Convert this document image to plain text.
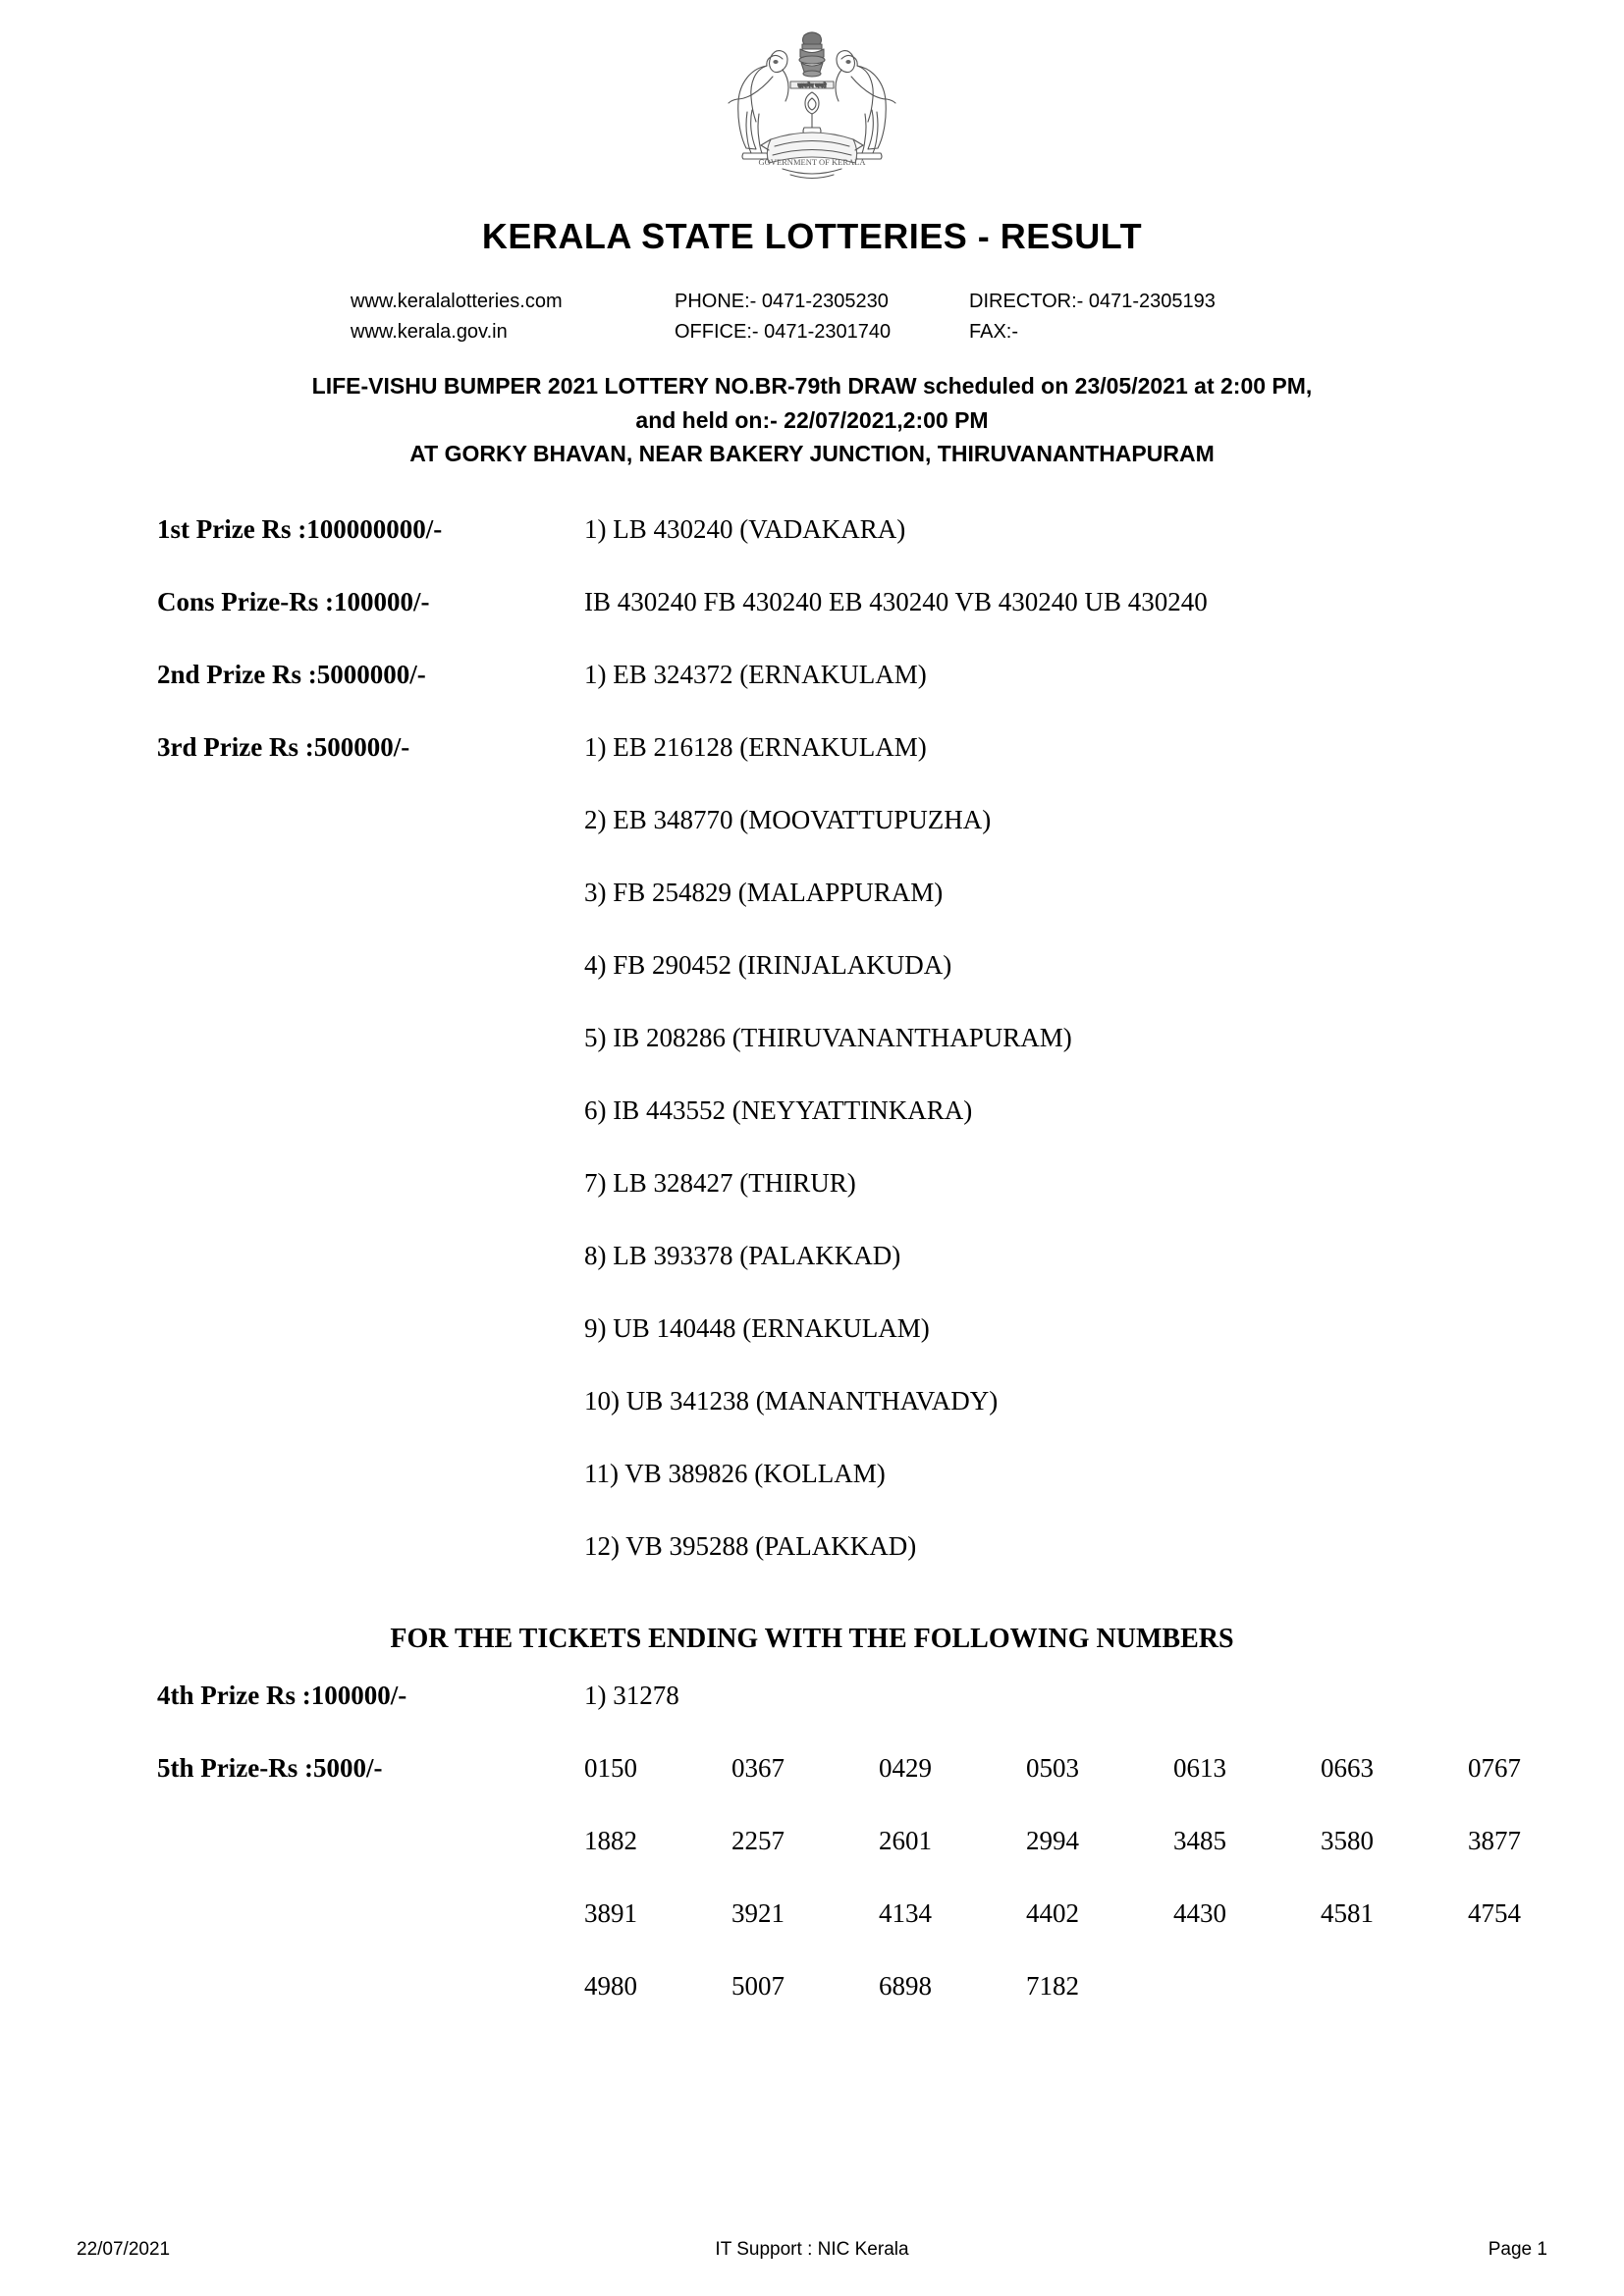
सत्यमेव जयते
GOVERNMENT OF KERALA
KERALA STATE LOTTERIES - RESULT
www.keralalotteries.com	PHONE:- 0471-2305230	DIRECTOR:- 0471-2305193
www.kerala.gov.in	OFFICE:- 0471-2301740	FAX:-
LIFE-VISHU BUMPER 2021 LOTTERY NO.BR-79th DRAW scheduled on 23/05/2021 at 2:00 PM,
and held on:- 22/07/2021,2:00 PM
AT GORKY BHAVAN, NEAR BAKERY JUNCTION, THIRUVANANTHAPURAM
1st Prize Rs :100000000/-	1) LB 430240 (VADAKARA)
Cons Prize-Rs :100000/-	IB 430240 FB 430240 EB 430240 VB 430240 UB 430240
2nd Prize Rs :5000000/-	1) EB 324372 (ERNAKULAM)
3rd Prize Rs :500000/-	1) EB 216128 (ERNAKULAM)
2) EB 348770 (MOOVATTUPUZHA)
3) FB 254829 (MALAPPURAM)
4) FB 290452 (IRINJALAKUDA)
5) IB 208286 (THIRUVANANTHAPURAM)
6) IB 443552 (NEYYATTINKARA)
7) LB 328427 (THIRUR)
8) LB 393378 (PALAKKAD)
9) UB 140448 (ERNAKULAM)
10) UB 341238 (MANANTHAVADY)
11) VB 389826 (KOLLAM)
12) VB 395288 (PALAKKAD)
FOR THE TICKETS ENDING WITH THE FOLLOWING NUMBERS
4th Prize Rs :100000/-	1) 31278
5th Prize-Rs :5000/-	0150	0367	0429	0503	0613	0663	0767
1882	2257	2601	2994	3485	3580	3877
3891	3921	4134	4402	4430	4581	4754
4980	5007	6898	7182
22/07/2021	IT Support : NIC Kerala	Page 1
